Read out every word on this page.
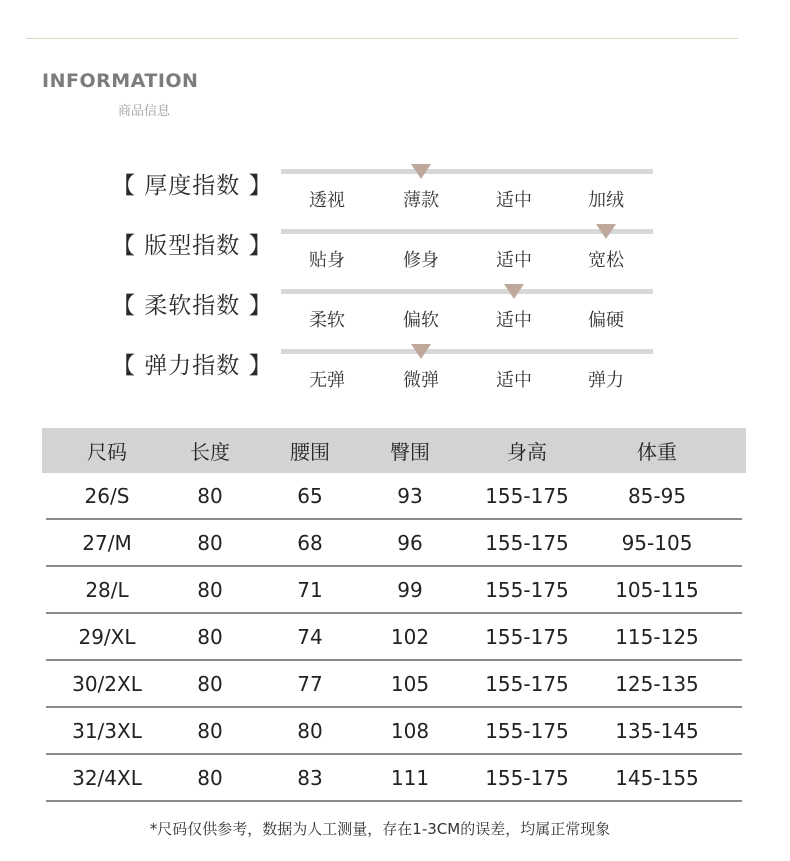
INFORMATION
商品信息
【 厚度指数 】
透视	薄款	适中	加绒
【 版型指数 】
贴身	修身	适中	宽松
【 柔软指数 】
柔软	偏软	适中	偏硬
【 弹力指数 】
无弹	微弹	适中	弹力
尺码	长度	腰围	臀围	身高	体重
26/S	80	65	93	155-175	85-95
27/M	80	68	96	155-175	95-105
28/L	80	71	99	155-175	105-115
29/XL	80	74	102	155-175	115-125
30/2XL	80	77	105	155-175	125-135
31/3XL	80	80	108	155-175	135-145
32/4XL	80	83	111	155-175	145-155
*尺码仅供参考，数据为人工测量，存在1-3CM的误差，均属正常现象
